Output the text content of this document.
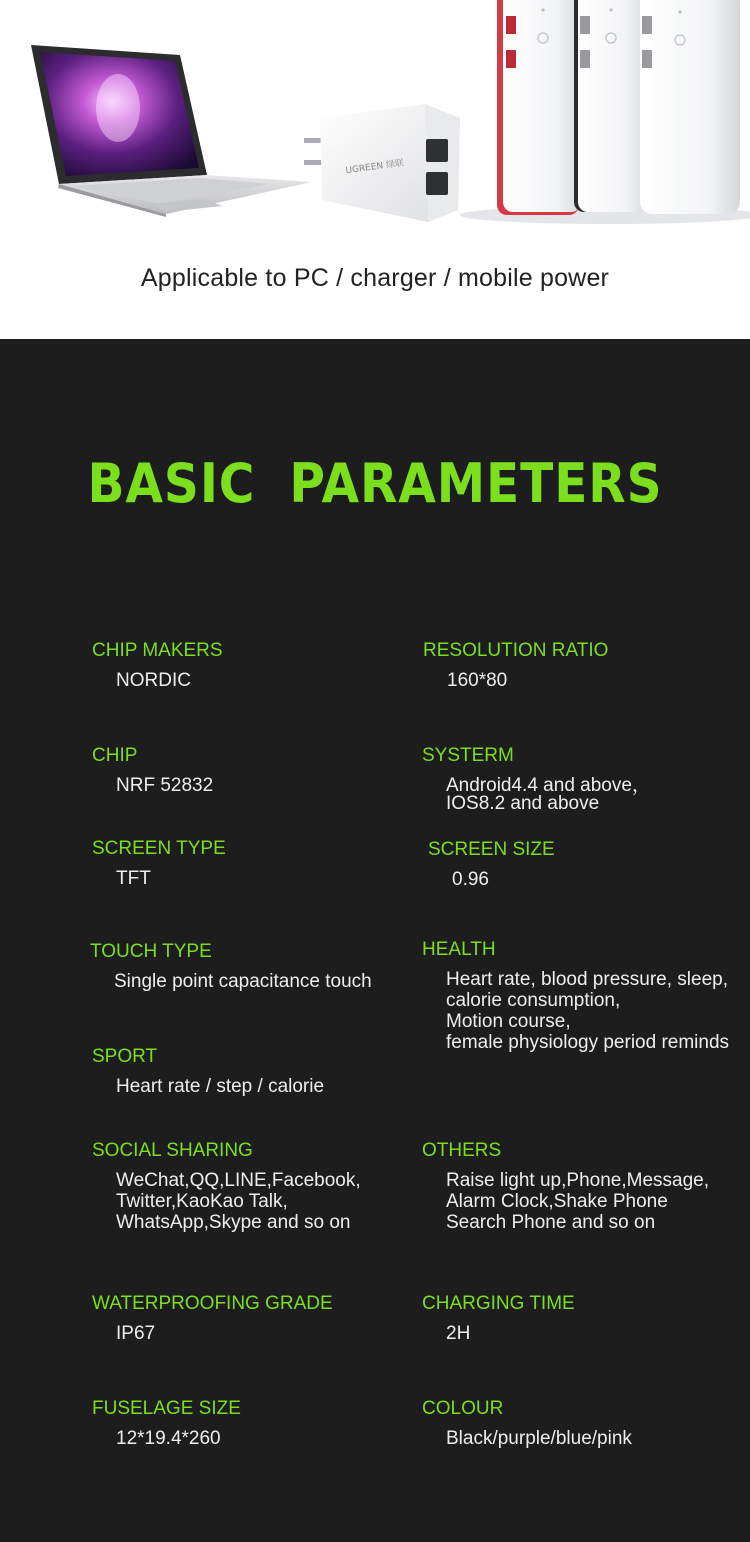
UGREEN 绿联
Applicable to PC / charger / mobile power
BASIC PARAMETERS
CHIP MAKERS
NORDIC
RESOLUTION RATIO
160*80
CHIP
NRF 52832
SYSTERM
Android4.4 and above，
IOS8.2 and above
SCREEN TYPE
TFT
SCREEN SIZE
0.96
TOUCH TYPE
Single point capacitance touch
HEALTH
Heart rate, blood pressure, sleep,
calorie consumption,
Motion course,
female physiology period reminds
SPORT
Heart rate / step / calorie
SOCIAL SHARING
WeChat,QQ,LINE,Facebook,
Twitter,KaoKao Talk,
WhatsApp,Skype and so on
OTHERS
Raise light up,Phone,Message,
Alarm Clock,Shake Phone
Search Phone and so on
WATERPROOFING GRADE
IP67
CHARGING TIME
2H
FUSELAGE SIZE
12*19.4*260
COLOUR
Black/purple/blue/pink
